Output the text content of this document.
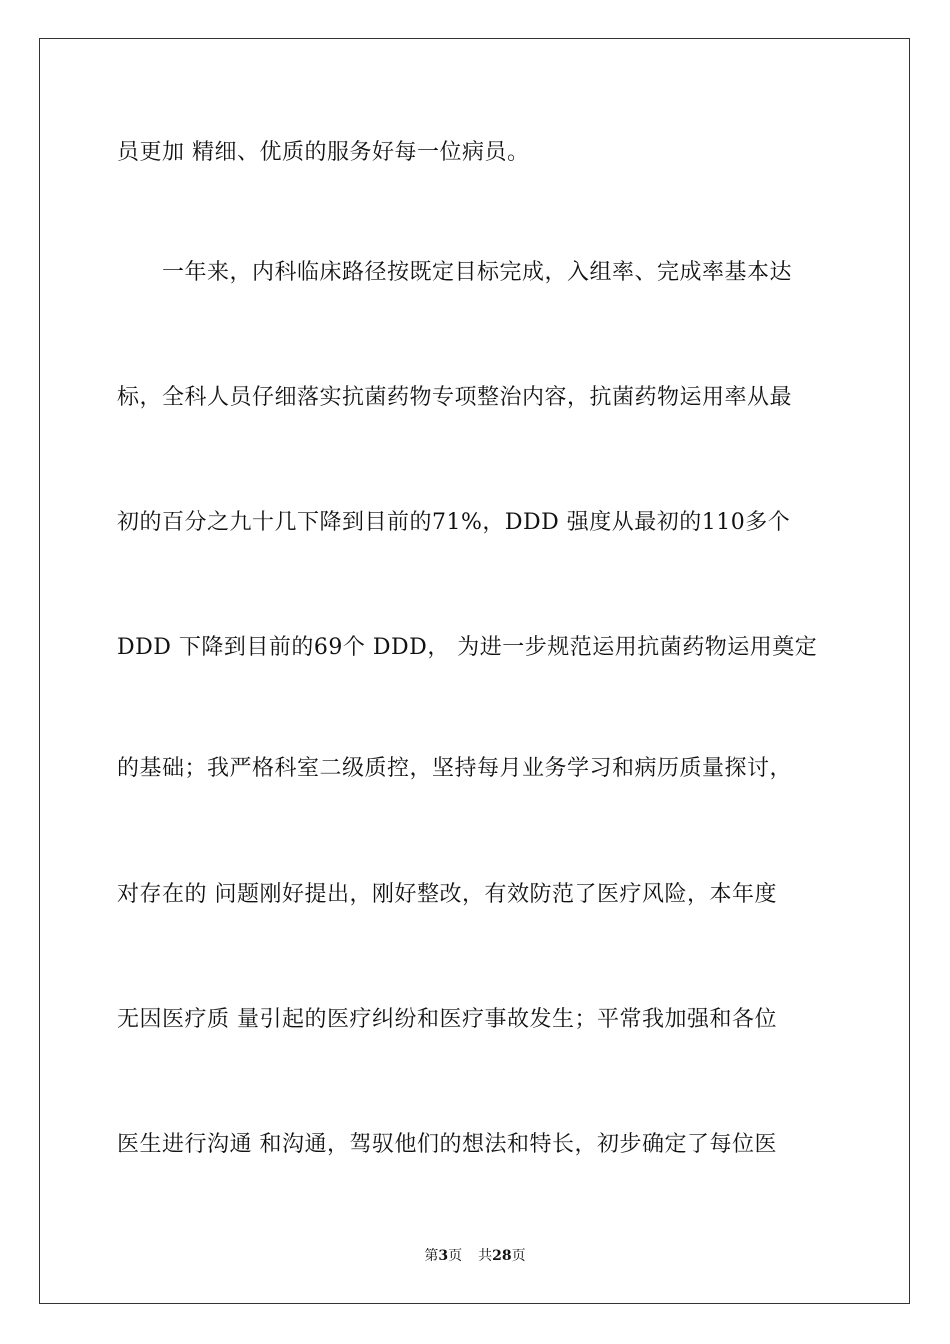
员更加 精细、优质的服务好每一位病员。
　　一年来，内科临床路径按既定目标完成，入组率、完成率基本达
标，全科人员仔细落实抗菌药物专项整治内容，抗菌药物运用率从最
初的百分之九十几下降到目前的71%，DDD 强度从最初的110多个
DDD 下降到目前的69个 DDD， 为进一步规范运用抗菌药物运用奠定
的基础；我严格科室二级质控，坚持每月业务学习和病历质量探讨，
对存在的 问题刚好提出，刚好整改，有效防范了医疗风险，本年度
无因医疗质 量引起的医疗纠纷和医疗事故发生；平常我加强和各位
医生进行沟通 和沟通，驾驭他们的想法和特长，初步确定了每位医
第3页 共28页
